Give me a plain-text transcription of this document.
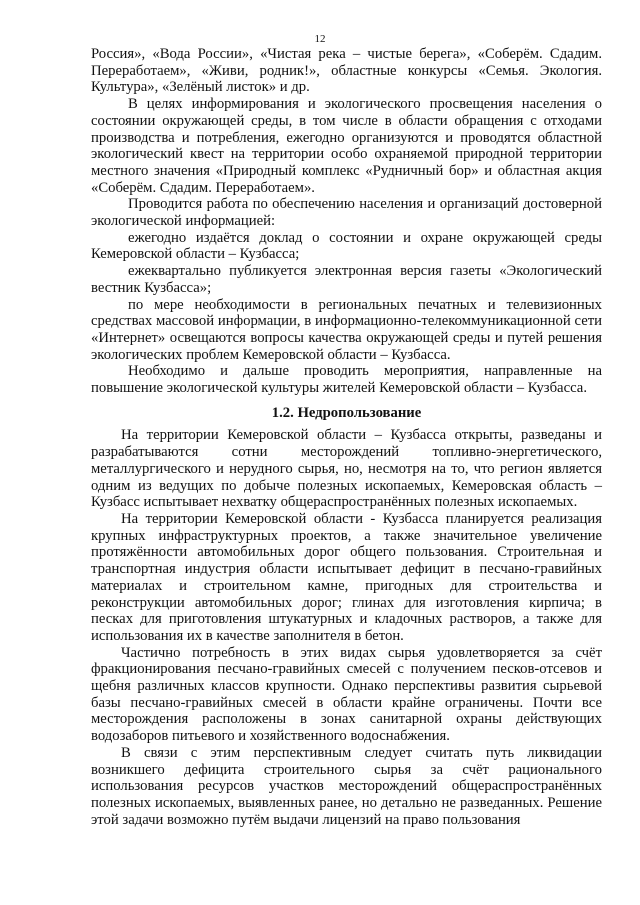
12

Россия», «Вода России», «Чистая река – чистые берега», «Соберём. Сдадим. Переработаем», «Живи, родник!», областные конкурсы «Семья. Экология. Культура», «Зелёный листок» и др.

В целях информирования и экологического просвещения населения о состоянии окружающей среды, в том числе в области обращения с отходами производства и потребления, ежегодно организуются и проводятся областной экологический квест на территории особо охраняемой природной территории местного значения «Природный комплекс «Рудничный бор» и областная акция «Соберём. Сдадим. Переработаем».

Проводится работа по обеспечению населения и организаций достоверной экологической информацией:

ежегодно издаётся доклад о состоянии и охране окружающей среды Кемеровской области – Кузбасса;

ежеквартально публикуется электронная версия газеты «Экологический вестник Кузбасса»;

по мере необходимости в региональных печатных и телевизионных средствах массовой информации, в информационно-телекоммуникационной сети «Интернет» освещаются вопросы качества окружающей среды и путей решения экологических проблем Кемеровской области – Кузбасса.

Необходимо и дальше проводить мероприятия, направленные на повышение экологической культуры жителей Кемеровской области – Кузбасса.

1.2. Недропользование

На территории Кемеровской области – Кузбасса открыты, разведаны и разрабатываются сотни месторождений топливно-энергетического, металлургического и нерудного сырья, но, несмотря на то, что регион является одним из ведущих по добыче полезных ископаемых, Кемеровская область – Кузбасс испытывает нехватку общераспространённых полезных ископаемых.

На территории Кемеровской области - Кузбасса планируется реализация крупных инфраструктурных проектов, а также значительное увеличение протяжённости автомобильных дорог общего пользования. Строительная и транспортная индустрия области испытывает дефицит в песчано-гравийных материалах и строительном камне, пригодных для строительства и реконструкции автомобильных дорог; глинах для изготовления кирпича; в песках для приготовления штукатурных и кладочных растворов, а также для использования их в качестве заполнителя в бетон.

Частично потребность в этих видах сырья удовлетворяется за счёт фракционирования песчано-гравийных смесей с получением песков-отсевов и щебня различных классов крупности. Однако перспективы развития сырьевой базы песчано-гравийных смесей в области крайне ограничены. Почти все месторождения расположены в зонах санитарной охраны действующих водозаборов питьевого и хозяйственного водоснабжения.

В связи с этим перспективным следует считать путь ликвидации возникшего дефицита строительного сырья за счёт рационального использования ресурсов участков месторождений общераспространённых полезных ископаемых, выявленных ранее, но детально не разведанных. Решение этой задачи возможно путём выдачи лицензий на право пользования
